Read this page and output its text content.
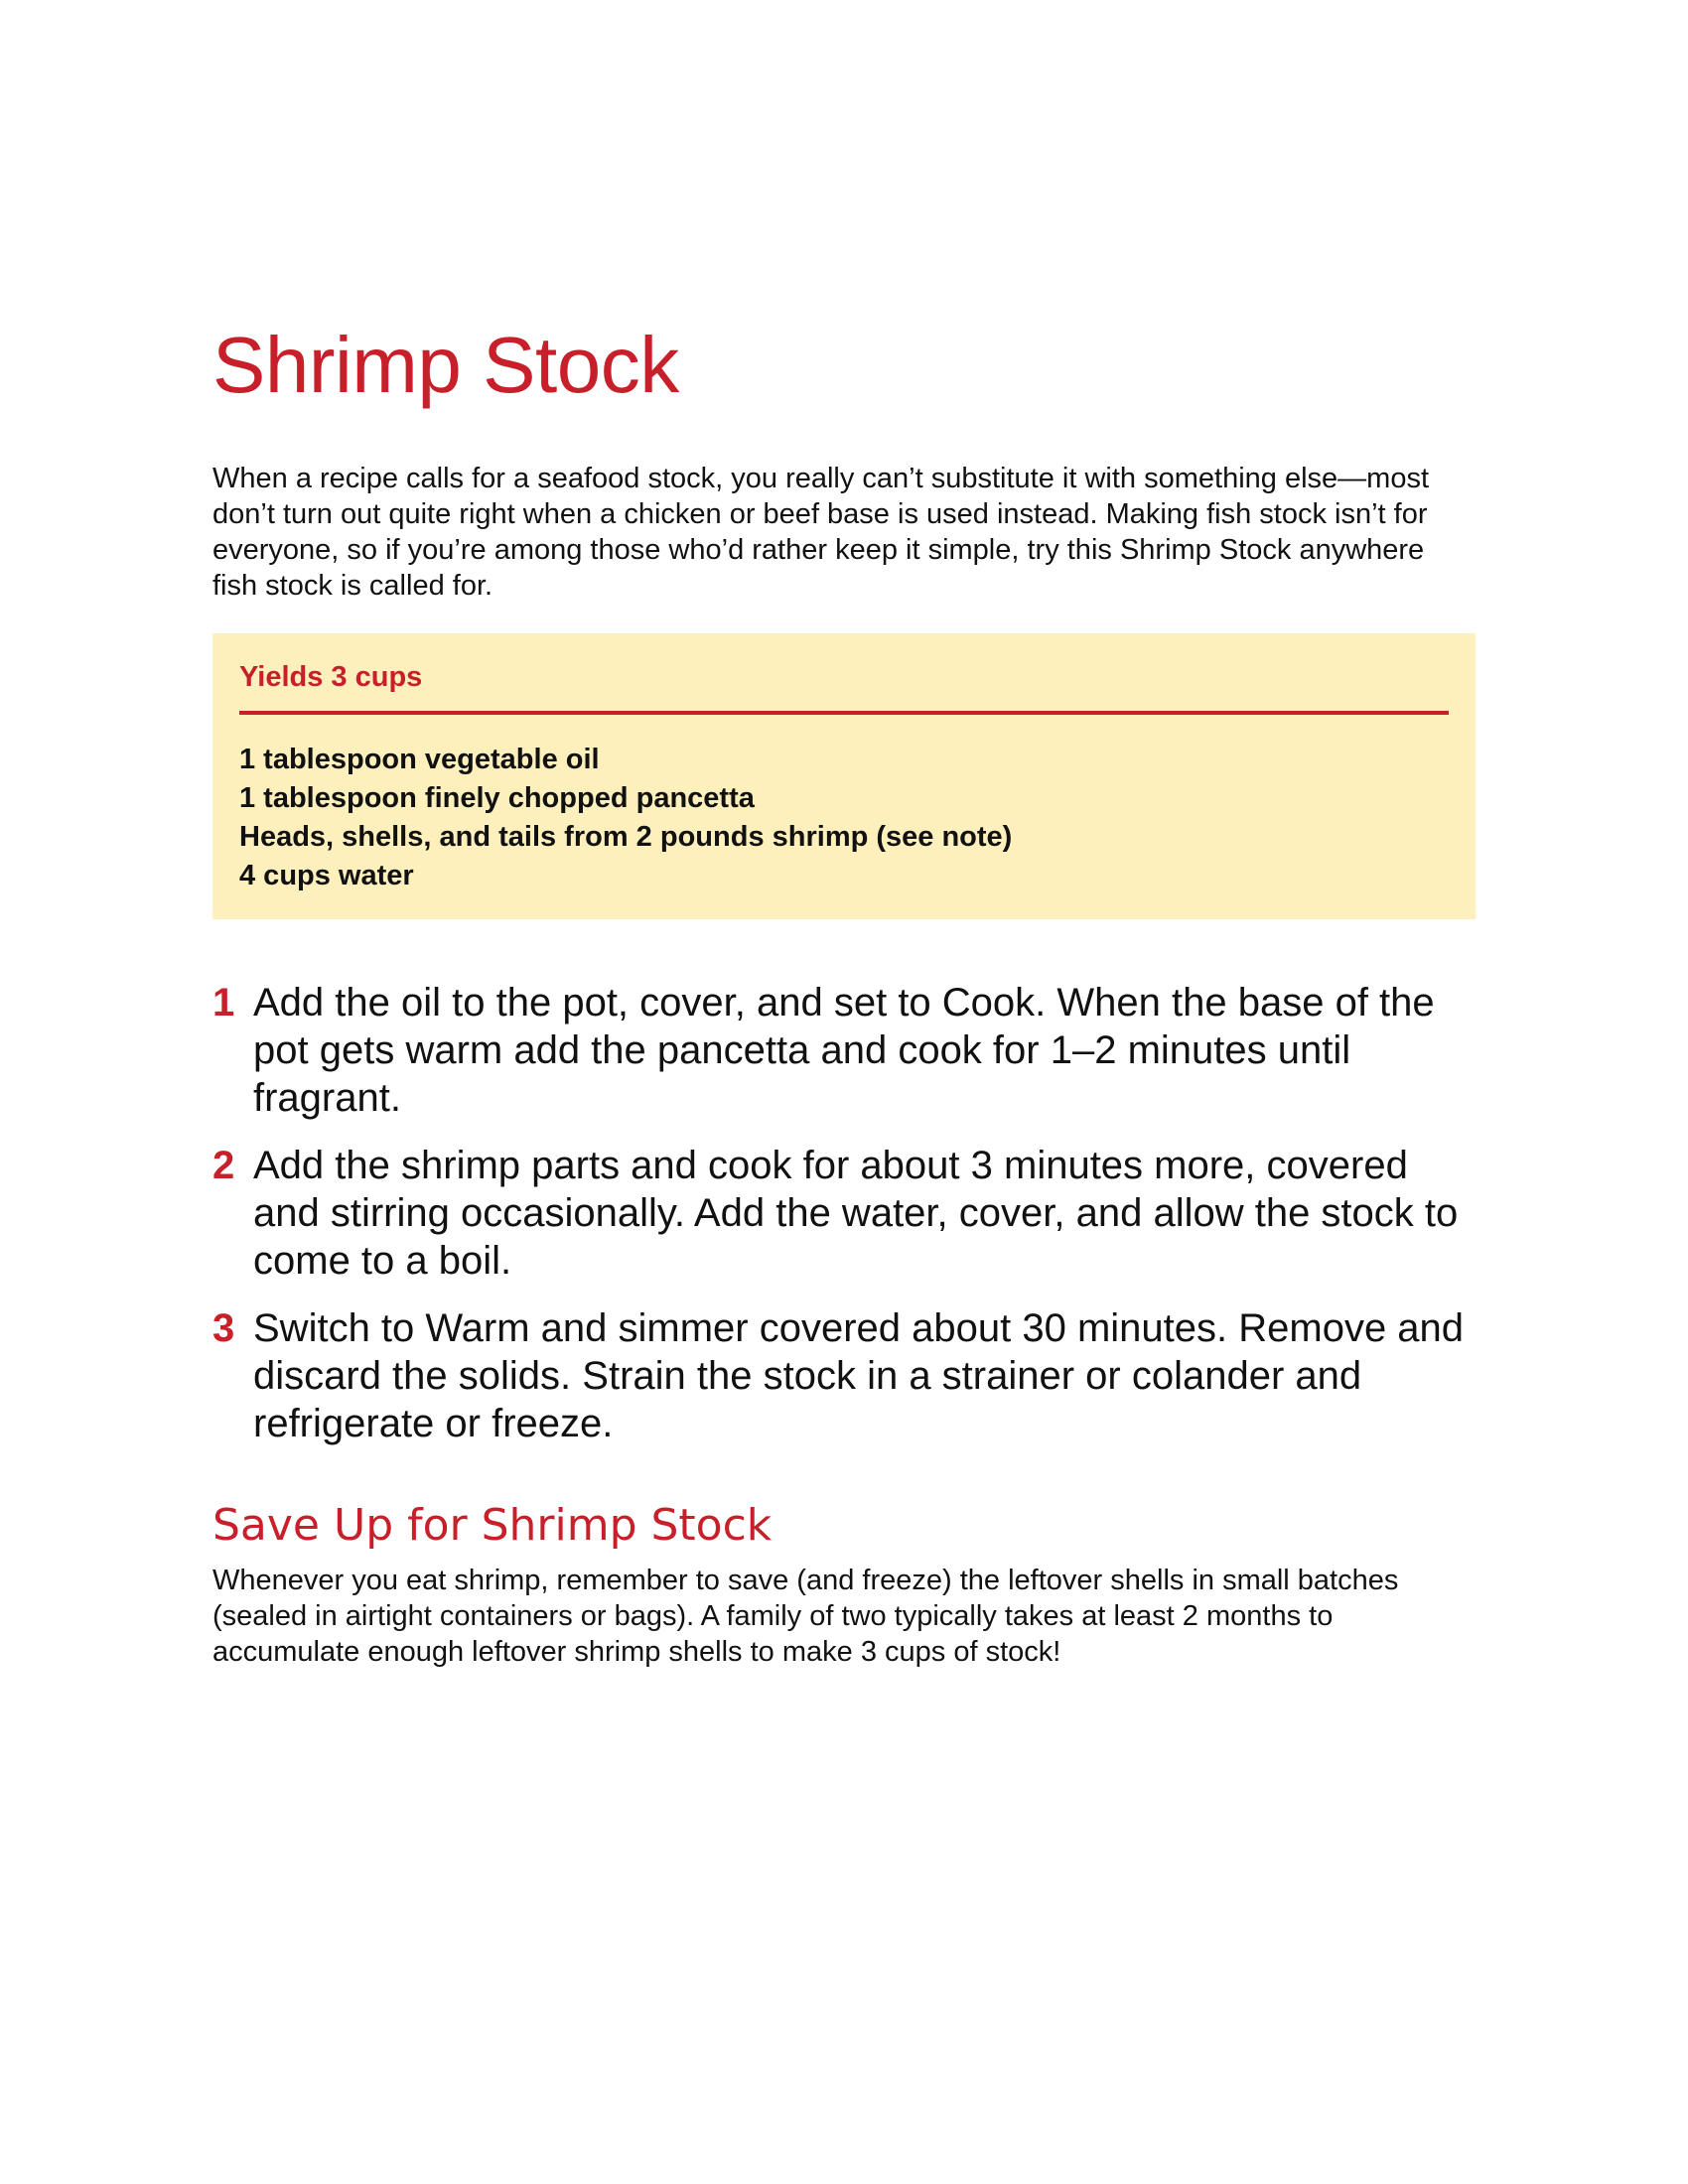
Shrimp Stock

When a recipe calls for a seafood stock, you really can’t substitute it with something else—most don’t turn out quite right when a chicken or beef base is used instead. Making fish stock isn’t for everyone, so if you’re among those who’d rather keep it simple, try this Shrimp Stock anywhere fish stock is called for.

Yields 3 cups
1 tablespoon vegetable oil
1 tablespoon finely chopped pancetta
Heads, shells, and tails from 2 pounds shrimp (see note)
4 cups water
1 Add the oil to the pot, cover, and set to Cook. When the base of the pot gets warm add the pancetta and cook for 1–2 minutes until fragrant.
2 Add the shrimp parts and cook for about 3 minutes more, covered and stirring occasionally. Add the water, cover, and allow the stock to come to a boil.
3 Switch to Warm and simmer covered about 30 minutes. Remove and discard the solids. Strain the stock in a strainer or colander and refrigerate or freeze.
Save Up for Shrimp Stock

Whenever you eat shrimp, remember to save (and freeze) the leftover shells in small batches (sealed in airtight containers or bags). A family of two typically takes at least 2 months to accumulate enough leftover shrimp shells to make 3 cups of stock!
